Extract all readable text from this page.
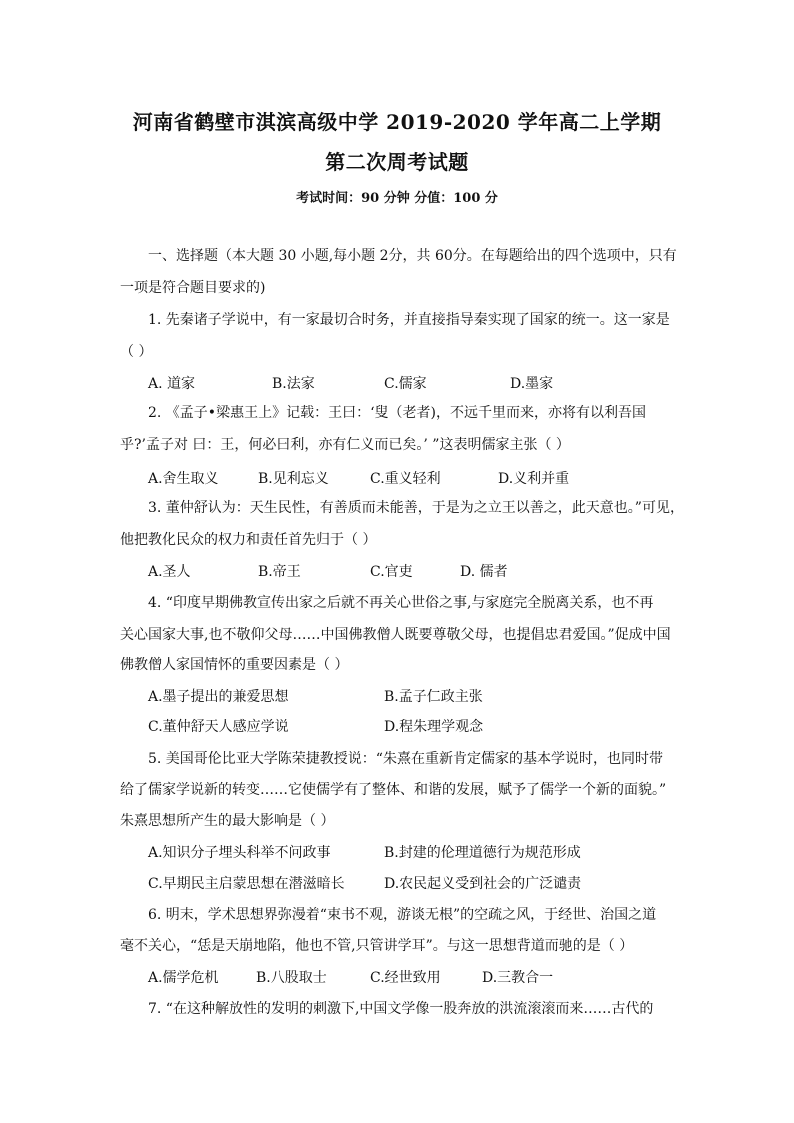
河南省鹤壁市淇滨高级中学 2019-2020 学年高二上学期
第二次周考试题
考试时间：90 分钟 分值：100 分
一、选择题（本大题 30 小题,每小题 2分，共 60分。在每题给出的四个选项中，只有
一项是符合题目要求的)
1. 先秦诸子学说中，有一家最切合时务，并直接指导秦实现了国家的统一。这一家是
（ ）
A. 道家	B.法家	C.儒家	D.墨家
2. 《孟子•梁惠王上》记载：王曰：‘叟（老者)，不远千里而来，亦将有以利吾国
乎?’孟子对 曰：王，何必曰利，亦有仁义而已矣。’ ”这表明儒家主张（ ）
A.舍生取义	B.见利忘义	C.重义轻利	D.义利并重
3. 董仲舒认为：天生民性，有善质而未能善，于是为之立王以善之，此天意也。”可见，
他把教化民众的权力和责任首先归于（ ）
A.圣人	B.帝王	C.官吏	D. 儒者
4. “印度早期佛教宣传出家之后就不再关心世俗之事,与家庭完全脱离关系，也不再
关心国家大事,也不敬仰父母……中国佛教僧人既要尊敬父母，也提倡忠君爱国。”促成中国
佛教僧人家国情怀的重要因素是（ ）
A.墨子提出的兼爱思想	B.孟子仁政主张
C.董仲舒天人感应学说	D.程朱理学观念
5. 美国哥伦比亚大学陈荣捷教授说：“朱熹在重新肯定儒家的基本学说时，也同时带
给了儒家学说新的转变……它使儒学有了整体、和谐的发展，赋予了儒学一个新的面貌。”
朱熹思想所产生的最大影响是（ ）
A.知识分子埋头科举不问政事	B.封建的伦理道德行为规范形成
C.早期民主启蒙思想在潜滋暗长	D.农民起义受到社会的广泛谴责
6. 明末，学术思想界弥漫着“束书不观，游谈无根”的空疏之风，于经世、治国之道
毫不关心，“恁是天崩地陷，他也不管,只管讲学耳”。与这一思想背道而驰的是（ ）
A.儒学危机	B.八股取士	C.经世致用	D.三教合一
7. “在这种解放性的发明的刺激下,中国文学像一股奔放的洪流滚滚而来……古代的
